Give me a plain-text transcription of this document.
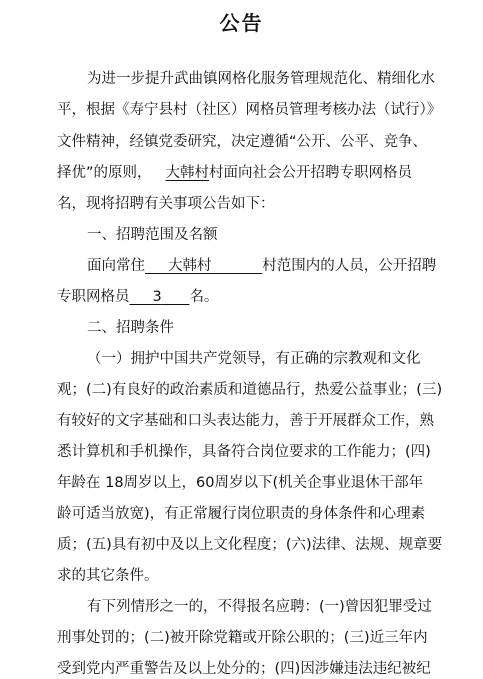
公告
为进一步提升武曲镇网格化服务管理规范化、精细化水
平，根据《寿宁县村（社区）网格员管理考核办法（试行）》
文件精神，经镇党委研究，决定遵循“公开、公平、竞争、
择优”的原则， 大韩村村面向社会公开招聘专职网格员
名，现将招聘有关事项公告如下：
一、招聘范围及名额
面向常住 大韩村	村范围内的人员，公开招聘
专职网格员 3 名。
二、招聘条件
（一）拥护中国共产党领导，有正确的宗教观和文化
观；(二)有良好的政治素质和道德品行，热爱公益事业；(三)
有较好的文字基础和口头表达能力，善于开展群众工作，熟
悉计算机和手机操作，具备符合岗位要求的工作能力；(四)
年龄在 18周岁以上，60周岁以下(机关企事业退休干部年
龄可适当放宽)，有正常履行岗位职责的身体条件和心理素
质；(五)具有初中及以上文化程度；(六)法律、法规、规章要
求的其它条件。
有下列情形之一的，不得报名应聘：(一)曾因犯罪受过
刑事处罚的；(二)被开除党籍或开除公职的；(三)近三年内
受到党内严重警告及以上处分的；(四)因涉嫌违法违纪被纪
